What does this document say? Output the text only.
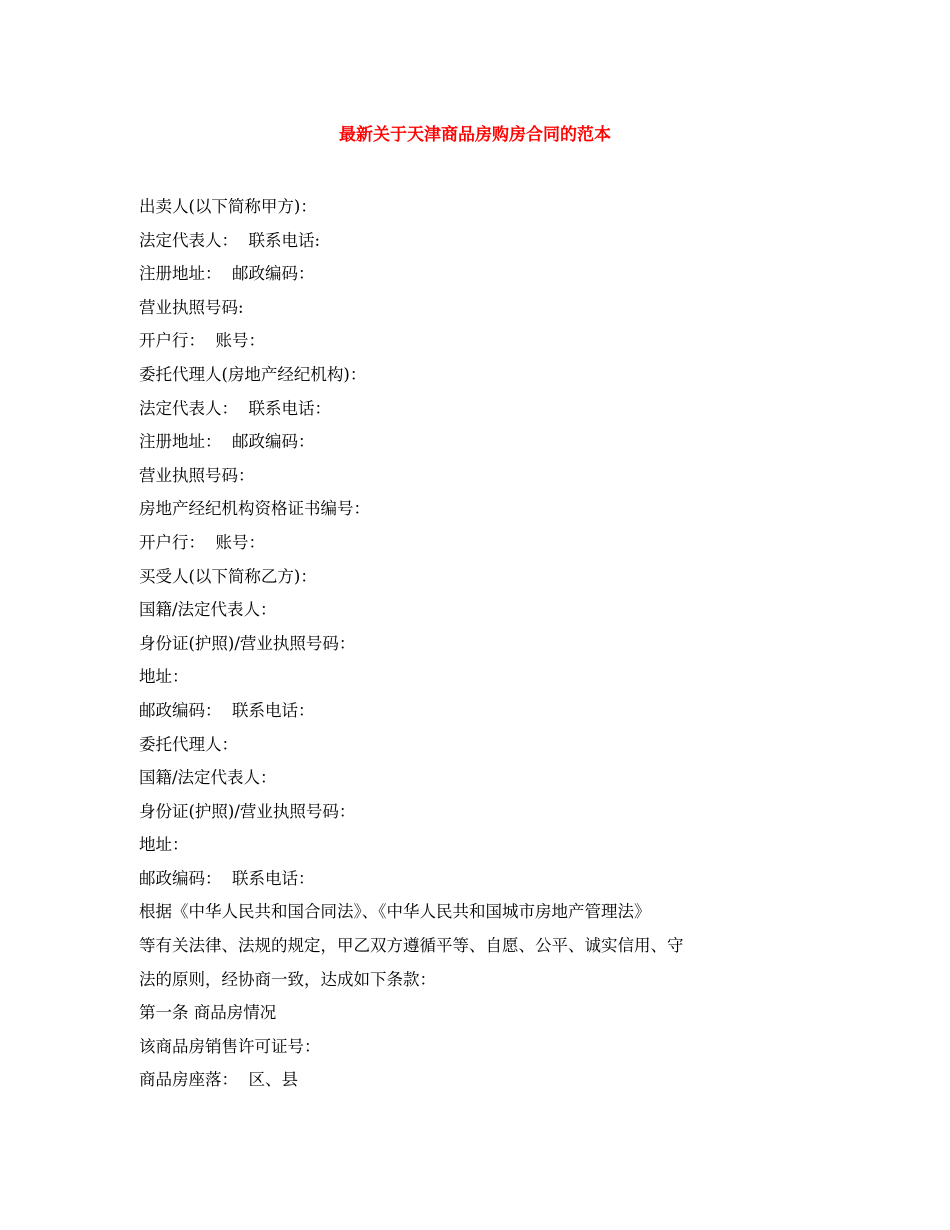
最新关于天津商品房购房合同的范本
出卖人(以下简称甲方)：
法定代表人：  联系电话:
注册地址：  邮政编码：
营业执照号码:
开户行：  账号：
委托代理人(房地产经纪机构)：
法定代表人：  联系电话：
注册地址：  邮政编码：
营业执照号码：
房地产经纪机构资格证书编号：
开户行：  账号：
买受人(以下简称乙方)：
国籍/法定代表人：
身份证(护照)/营业执照号码：
地址：
邮政编码：  联系电话：
委托代理人：
国籍/法定代表人：
身份证(护照)/营业执照号码：
地址：
邮政编码：  联系电话：
根据《中华人民共和国合同法》、《中华人民共和国城市房地产管理法》
等有关法律、法规的规定，甲乙双方遵循平等、自愿、公平、诚实信用、守
法的原则，经协商一致，达成如下条款：
第一条 商品房情况
该商品房销售许可证号：
商品房座落：  区、县
